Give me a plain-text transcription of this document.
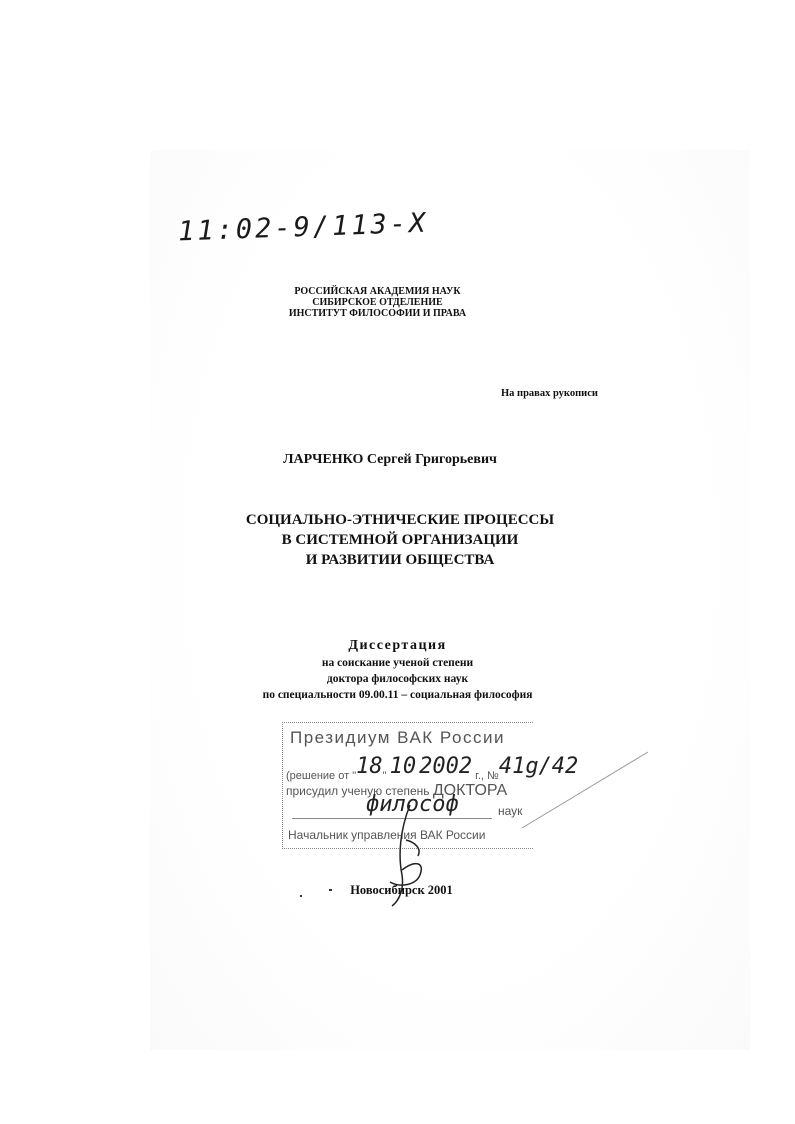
11:02-9/113-X
РОССИЙСКАЯ АКАДЕМИЯ НАУК
СИБИРСКОЕ ОТДЕЛЕНИЕ
ИНСТИТУТ ФИЛОСОФИИ И ПРАВА
На правах рукописи
ЛАРЧЕНКО Сергей Григорьевич
СОЦИАЛЬНО-ЭТНИЧЕСКИЕ ПРОЦЕССЫ
В СИСТЕМНОЙ ОРГАНИЗАЦИИ
И РАЗВИТИИ ОБЩЕСТВА
Диссертация
на соискание ученой степени
доктора философских наук
по специальности 09.00.11 – социальная философия
Президиум ВАК России
(решение от "18" 10 2002 г., №41g/42
присудил ученую степень ДОКТОРА
философ	наук
Начальник управления ВАК России
Новосибирск 2001
